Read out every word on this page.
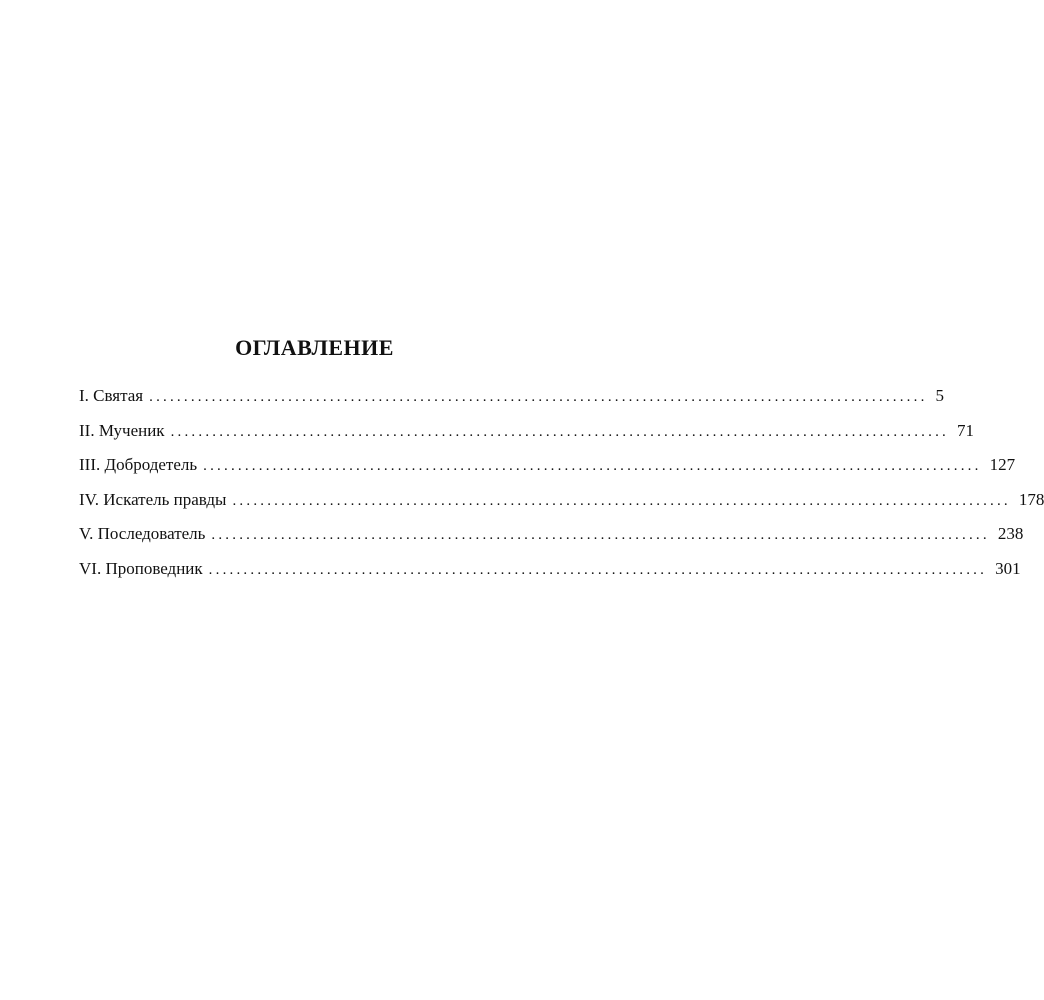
ОГЛАВЛЕНИЕ
I. Святая ................................................................................................................ 5
II. Мученик ................................................................................................................ 71
III. Добродетель ................................................................................................................ 127
IV. Искатель правды ................................................................................................................ 178
V. Последователь ................................................................................................................ 238
VI. Проповедник ................................................................................................................ 301
